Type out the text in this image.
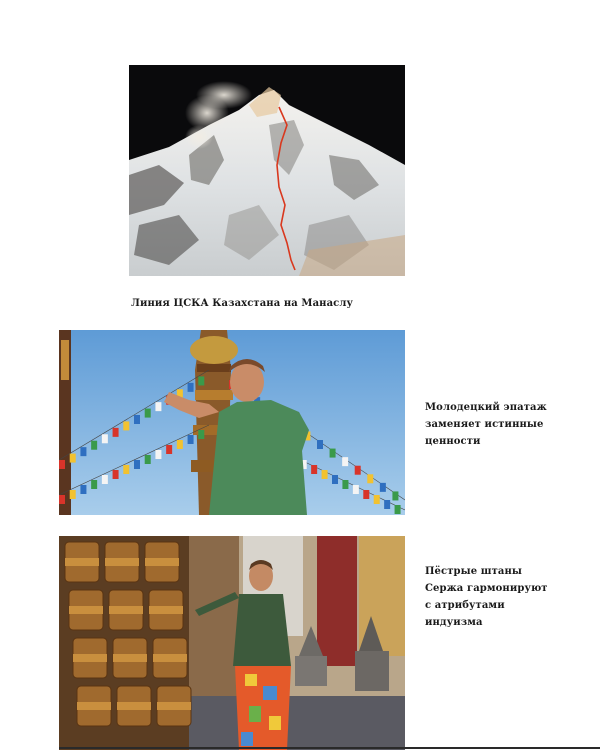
Линия ЦСКА Казахстана на Манаслу
Молодецкий эпатаж
заменяет истинные
ценности
Пёстрые штаны
Сержа гармонируют
с атрибутами
индуизма
